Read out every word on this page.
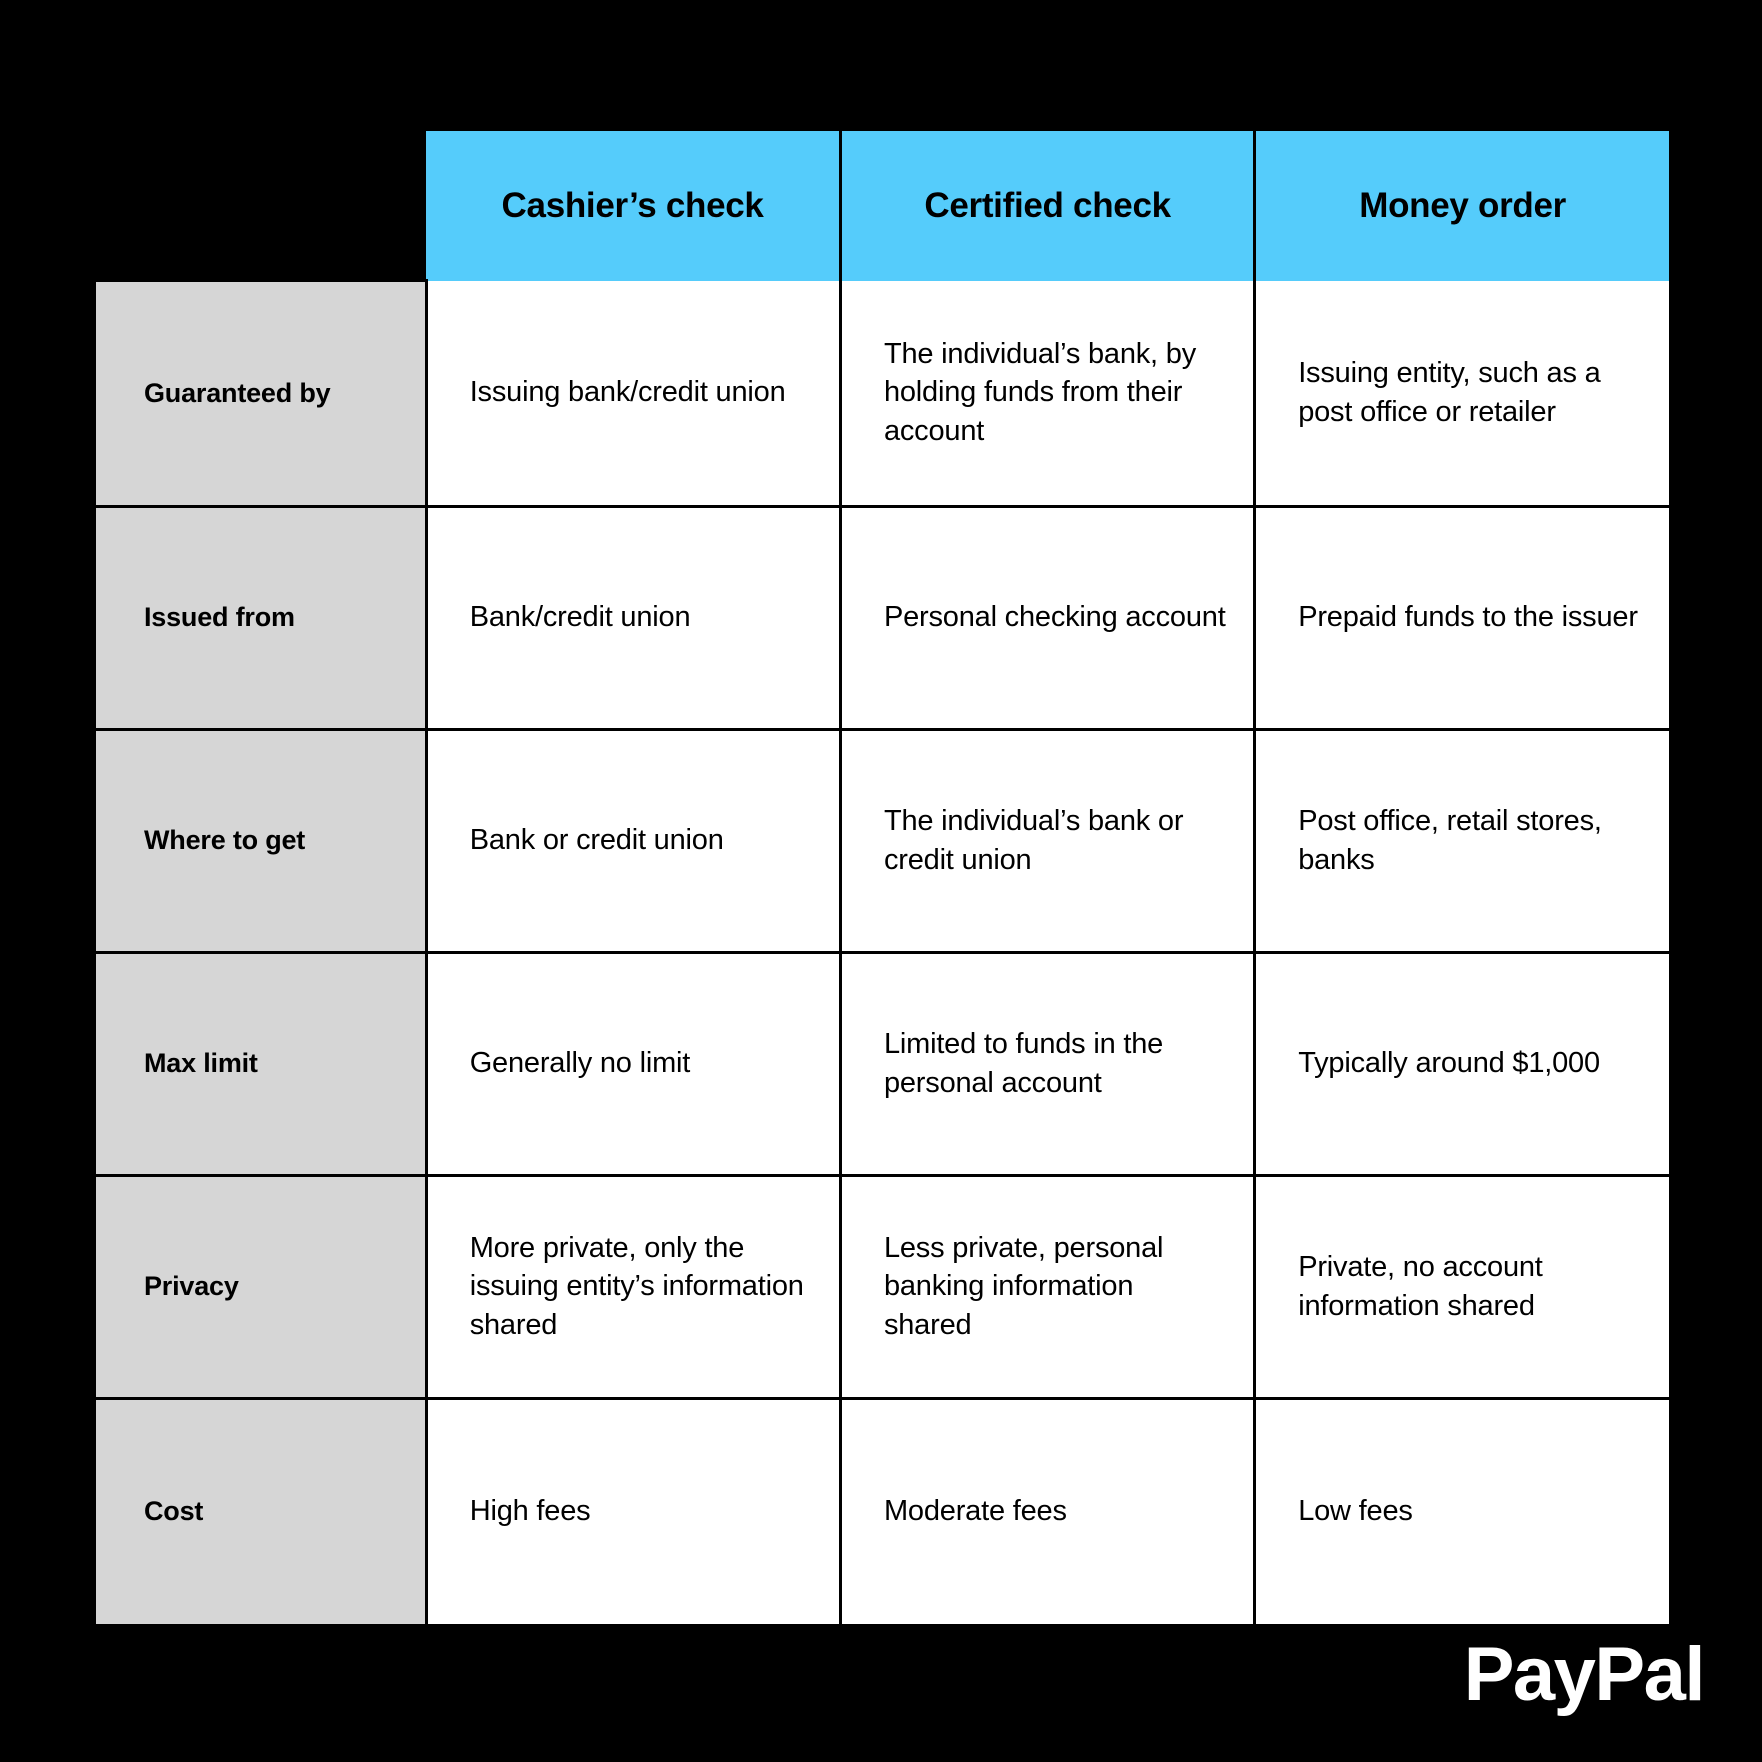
	Cashier’s check	Certified check	Money order
Guaranteed by	Issuing bank/credit union	The individual’s bank, by holding funds from their account	Issuing entity, such as a post office or retailer
Issued from	Bank/credit union	Personal checking account	Prepaid funds to the issuer
Where to get	Bank or credit union	The individual’s bank or credit union	Post office, retail stores, banks
Max limit	Generally no limit	Limited to funds in the personal account	Typically around $1,000
Privacy	More private, only the issuing entity’s information shared	Less private, personal banking information shared	Private, no account information shared
Cost	High fees	Moderate fees	Low fees
PayPal
